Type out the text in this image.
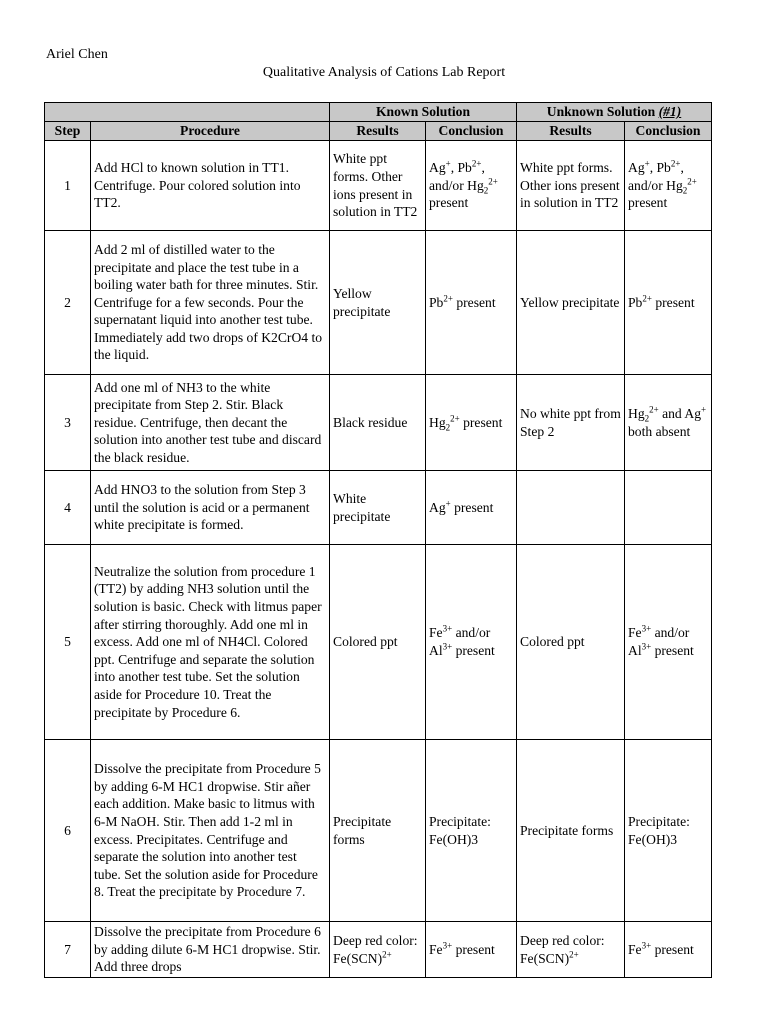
Ariel Chen
Qualitative Analysis of Cations Lab Report
		Known Solution		Unknown Solution (#1)	
Step	Procedure	Results	Conclusion	Results	Conclusion
1	Add HCl to known solution in TT1. Centrifuge. Pour colored solution into TT2.	White ppt forms. Other ions present in solution in TT2	Ag+, $Pb^{2+}$, and/or $Hg_2^{2+}$ present	White ppt forms. Other ions present in solution in TT2	Ag+, $Pb^{2+}$, and/or $Hg_2^{2+}$ present
2	Add 2 ml of distilled water to the precipitate and place the test tube in a boiling water bath for three minutes. Stir. Centrifuge for a few seconds. Pour the supernatant liquid into another test tube. Immediately add two drops of K2CrO4 to the liquid.	Yellow precipitate	$Pb^{2+}$ present	Yellow precipitate	$Pb^{2+}$ present
3	Add one ml of NH3 to the white precipitate from Step 2. Stir. Black residue. Centrifuge, then decant the solution into another test tube and discard the black residue.	Black residue	$Hg_2^{2+}$ present	No white ppt from Step 2	$Hg_2^{2+}$ and Ag+ both absent
4	Add HNO3 to the solution from Step 3 until the solution is acid or a permanent white precipitate is formed.	White precipitate	Ag+ present		
5	Neutralize the solution from procedure 1 (TT2) by adding NH3 solution until the solution is basic. Check with litmus paper after stirring thoroughly. Add one ml in excess. Add one ml of NH4Cl. Colored ppt. Centrifuge and separate the solution into another test tube. Set the solution aside for Procedure 10. Treat the precipitate by Procedure 6.	Colored ppt	$Fe^{3+}$ and/or $Al^{3+}$ present	Colored ppt	$Fe^{3+}$ and/or $Al^{3+}$ present
6	Dissolve the precipitate from Procedure 5 by adding 6-M HC1 dropwise. Stir añer each addition. Make basic to litmus with 6-M NaOH. Stir. Then add 1-2 ml in excess. Precipitates. Centrifuge and separate the solution into another test tube. Set the solution aside for Procedure 8. Treat the precipitate by Procedure 7.	Precipitate forms	Precipitate: Fe(OH)3	Precipitate forms	Precipitate: Fe(OH)3
7	Dissolve the precipitate from Procedure 6 by adding dilute 6-M HC1 dropwise. Stir. Add three drops	Deep red color: Fe(SCN)$^{2+}$	$Fe^{3+}$ present	Deep red color: Fe(SCN)$^{2+}$	$Fe^{3+}$ present
